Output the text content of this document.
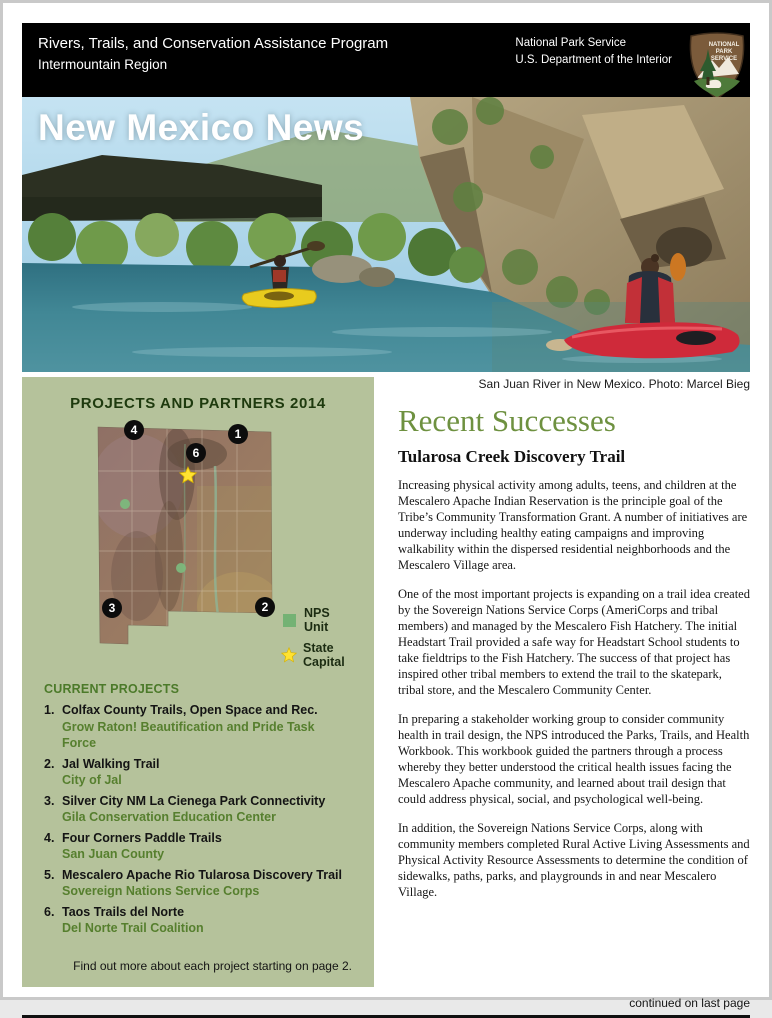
Rivers, Trails, and Conservation Assistance Program
Intermountain Region
National Park Service
U.S. Department of the Interior
NATIONAL
PARK
SERVICE
New Mexico News
PROJECTS AND PARTNERS 2014
1
2
3
4
6
NPS Unit
State Capital
CURRENT PROJECTS
1. Colfax County Trails, Open Space and Rec.
Grow Raton! Beautification and Pride Task Force
2. Jal Walking Trail
City of Jal
3. Silver City NM La Cienega Park Connectivity
Gila Conservation Education Center
4. Four Corners Paddle Trails
San Juan County
5. Mescalero Apache Rio Tularosa Discovery Trail
Sovereign Nations Service Corps
6. Taos Trails del Norte
Del Norte Trail Coalition
Find out more about each project starting on page 2.
San Juan River in New Mexico. Photo: Marcel Bieg
Recent Successes
Tularosa Creek Discovery Trail

Increasing physical activity among adults, teens, and children at the Mescalero Apache Indian Reservation is the principle goal of the Tribe’s Community Transformation Grant. A number of initiatives are underway including healthy eating campaigns and improving walkability within the dispersed residential neighborhoods and the Mescalero Village area.

One of the most important projects is expanding on a trail idea created by the Sovereign Nations Service Corps (AmeriCorps and tribal members) and managed by the Mescalero Fish Hatchery. The initial Headstart Trail provided a safe way for Headstart School students to take fieldtrips to the Fish Hatchery. The success of that project has inspired other tribal members to extend the trail to the skatepark, tribal store, and the Mescalero Community Center.

In preparing a stakeholder working group to consider community health in trail design, the NPS introduced the Parks, Trails, and Health Workbook. This workbook guided the partners through a process whereby they better understood the critical health issues facing the Mescalero Apache community, and learned about trail design that could address physical, social, and psychological well-being.

In addition, the Sovereign Nations Service Corps, along with community members completed Rural Active Living Assessments and Physical Activity Resource Assessments to determine the condition of sidewalks, paths, parks, and playgrounds in and near Mescalero Village.

continued on last page
